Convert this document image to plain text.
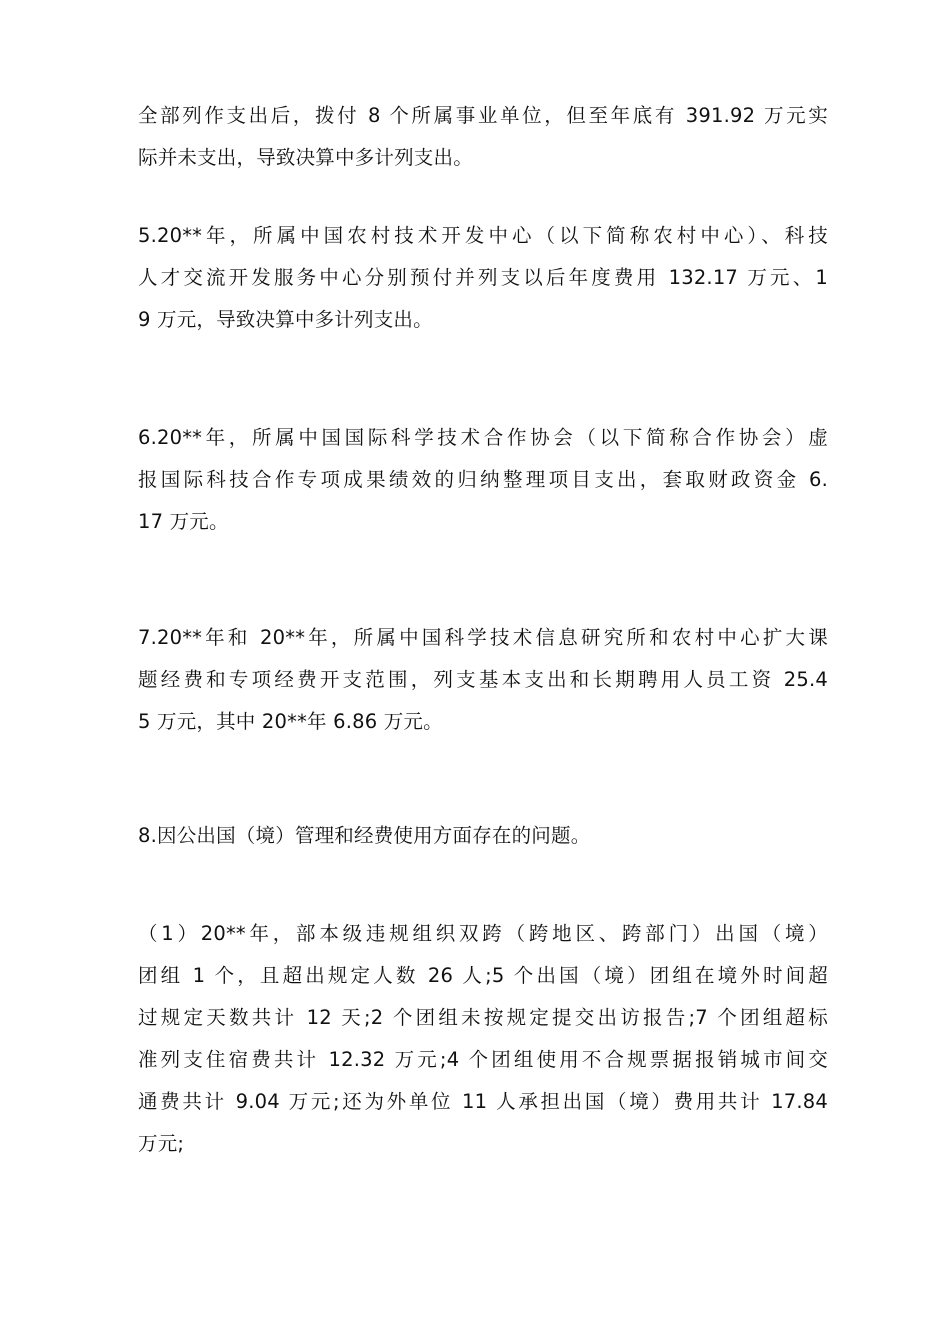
全部列作支出后，拨付 8 个所属事业单位，但至年底有 391.92 万元实
际并未支出，导致决算中多计列支出。
5.20**年，所属中国农村技术开发中心（以下简称农村中心）、科技
人才交流开发服务中心分别预付并列支以后年度费用 132.17 万元、1
9 万元，导致决算中多计列支出。
6.20**年，所属中国国际科学技术合作协会（以下简称合作协会）虚
报国际科技合作专项成果绩效的归纳整理项目支出，套取财政资金 6.
17 万元。
7.20**年和 20**年，所属中国科学技术信息研究所和农村中心扩大课
题经费和专项经费开支范围，列支基本支出和长期聘用人员工资 25.4
5 万元，其中 20**年 6.86 万元。
8.因公出国（境）管理和经费使用方面存在的问题。
（1）20**年，部本级违规组织双跨（跨地区、跨部门）出国（境）
团组 1 个，且超出规定人数 26 人;5 个出国（境）团组在境外时间超
过规定天数共计 12 天;2 个团组未按规定提交出访报告;7 个团组超标
准列支住宿费共计 12.32 万元;4 个团组使用不合规票据报销城市间交
通费共计 9.04 万元;还为外单位 11 人承担出国（境）费用共计 17.84
万元;
